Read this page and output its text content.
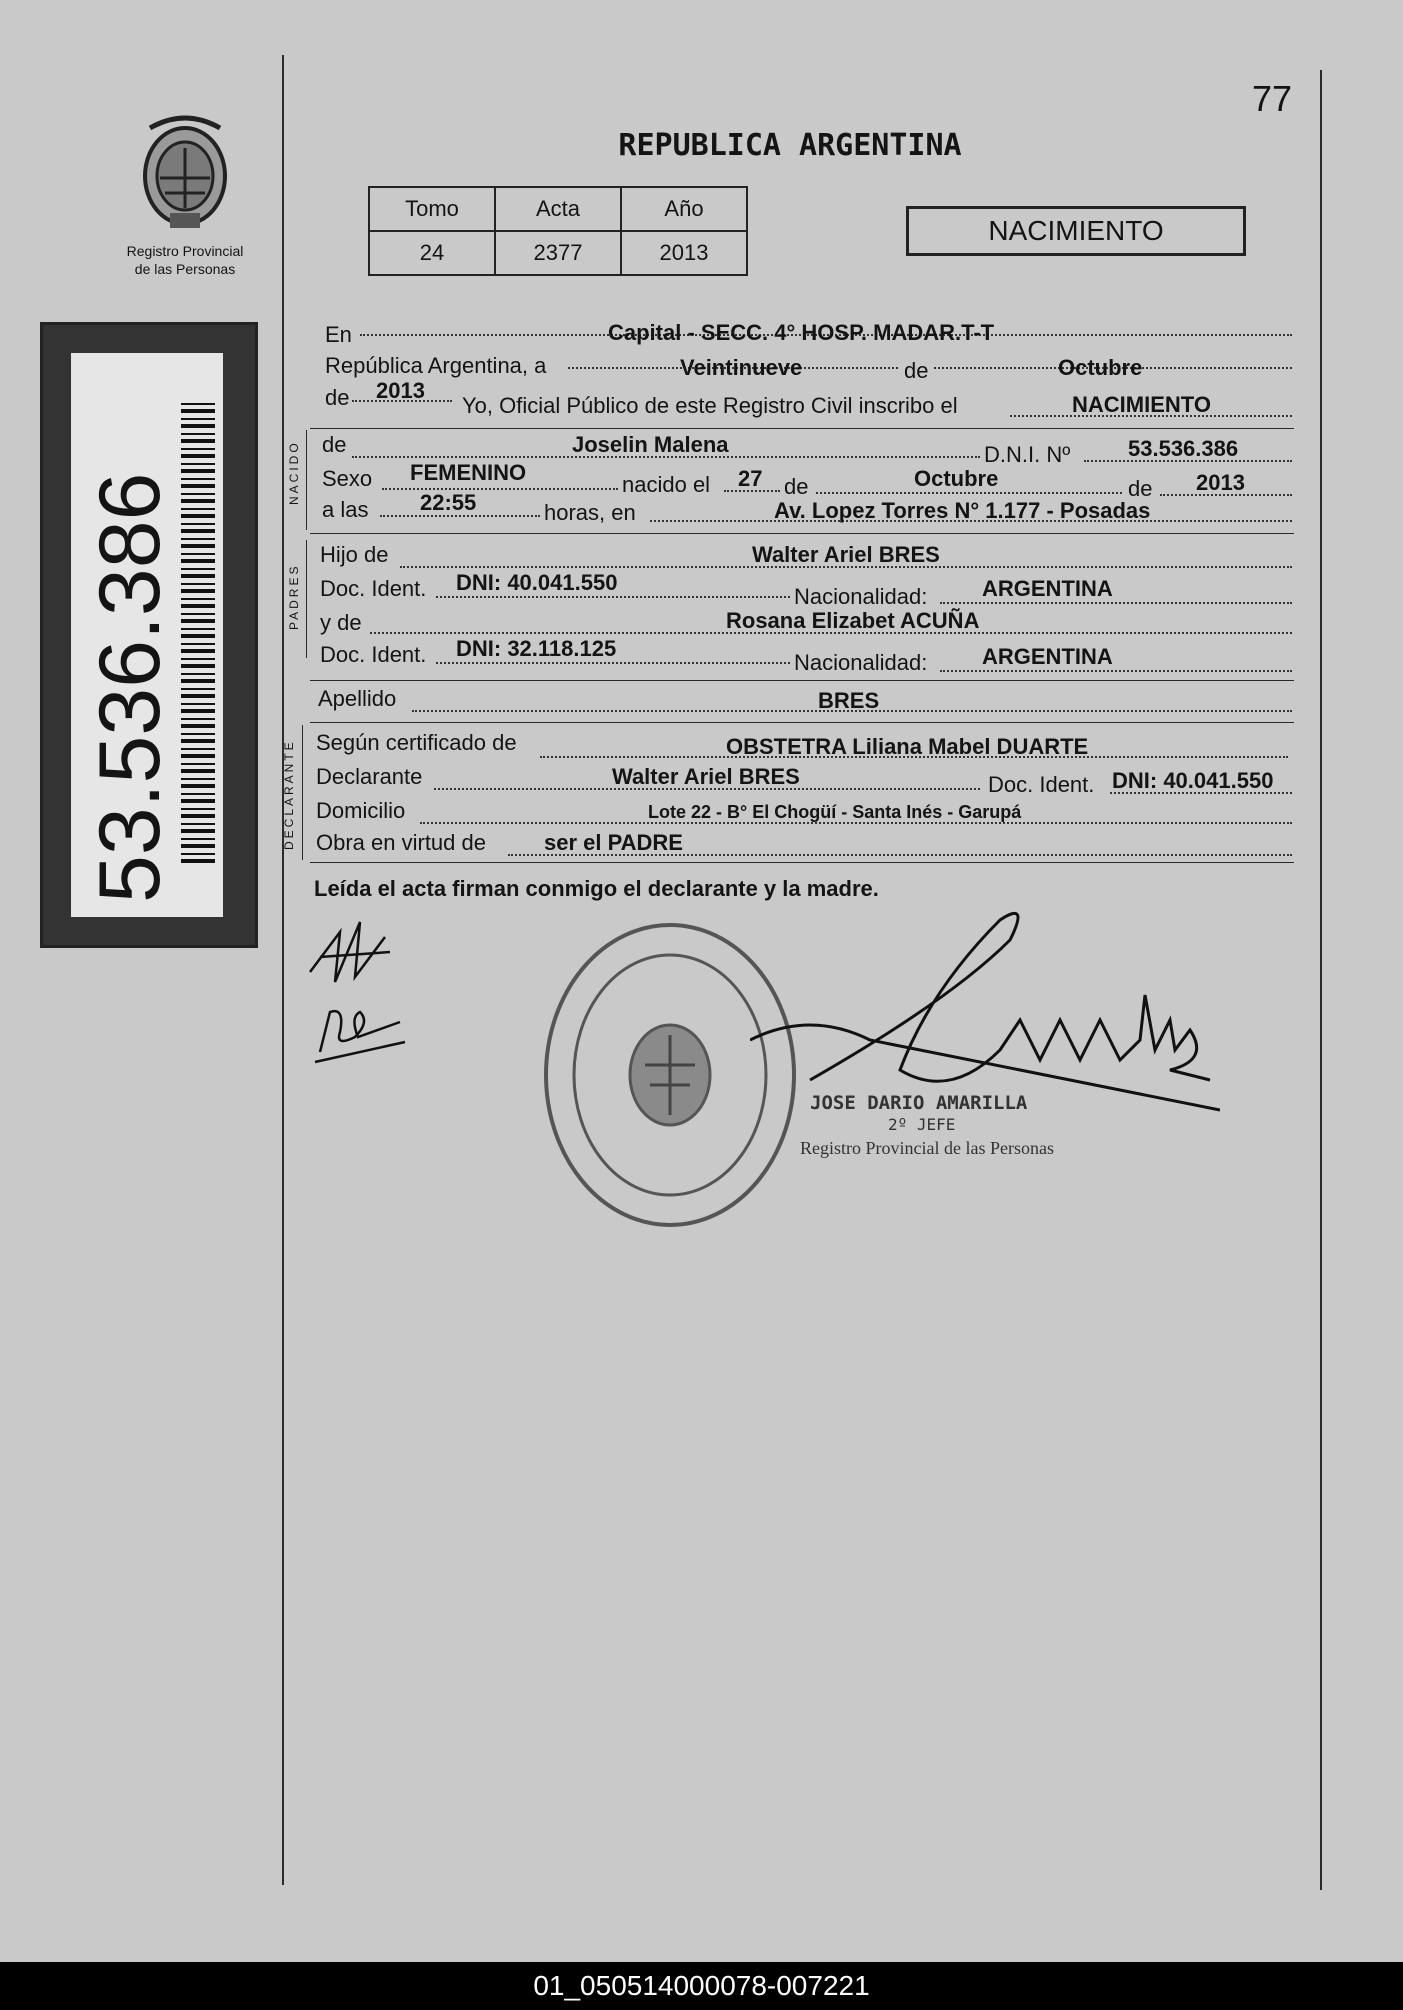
77
Registro Provincial
de las Personas
53.536.386
REPUBLICA ARGENTINA
Tomo	Acta	Año
24	2377	2013
NACIMIENTO
NACIDO
PADRES
DECLARANTE
En	Capital - SECC. 4° HOSP. MADAR.T-T
República Argentina, a	Veintinueve	de	Octubre
de 2013
Yo, Oficial Público de este Registro Civil inscribo el	NACIMIENTO
de	Joselin Malena	D.N.I. Nº	53.536.386
Sexo FEMENINO	nacido el 27 de	Octubre	de 2013
a las 22:55	horas, en	Av. Lopez Torres N° 1.177 - Posadas
Hijo de	Walter Ariel BRES
Doc. Ident. DNI: 40.041.550
Nacionalidad: ARGENTINA
y de	Rosana Elizabet ACUÑA
Doc. Ident. DNI: 32.118.125
Nacionalidad: ARGENTINA
Apellido	BRES
Según certificado de	OBSTETRA Liliana Mabel DUARTE
Declarante	Walter Ariel BRES	Doc. Ident. DNI: 40.041.550
Domicilio	Lote 22 - B° El Chogüí - Santa Inés - Garupá
Obra en virtud de	ser el PADRE
Leída el acta firman conmigo el declarante y la madre.
JOSE DARIO AMARILLA
2º JEFE
Registro Provincial de las Personas
01_050514000078-007221
